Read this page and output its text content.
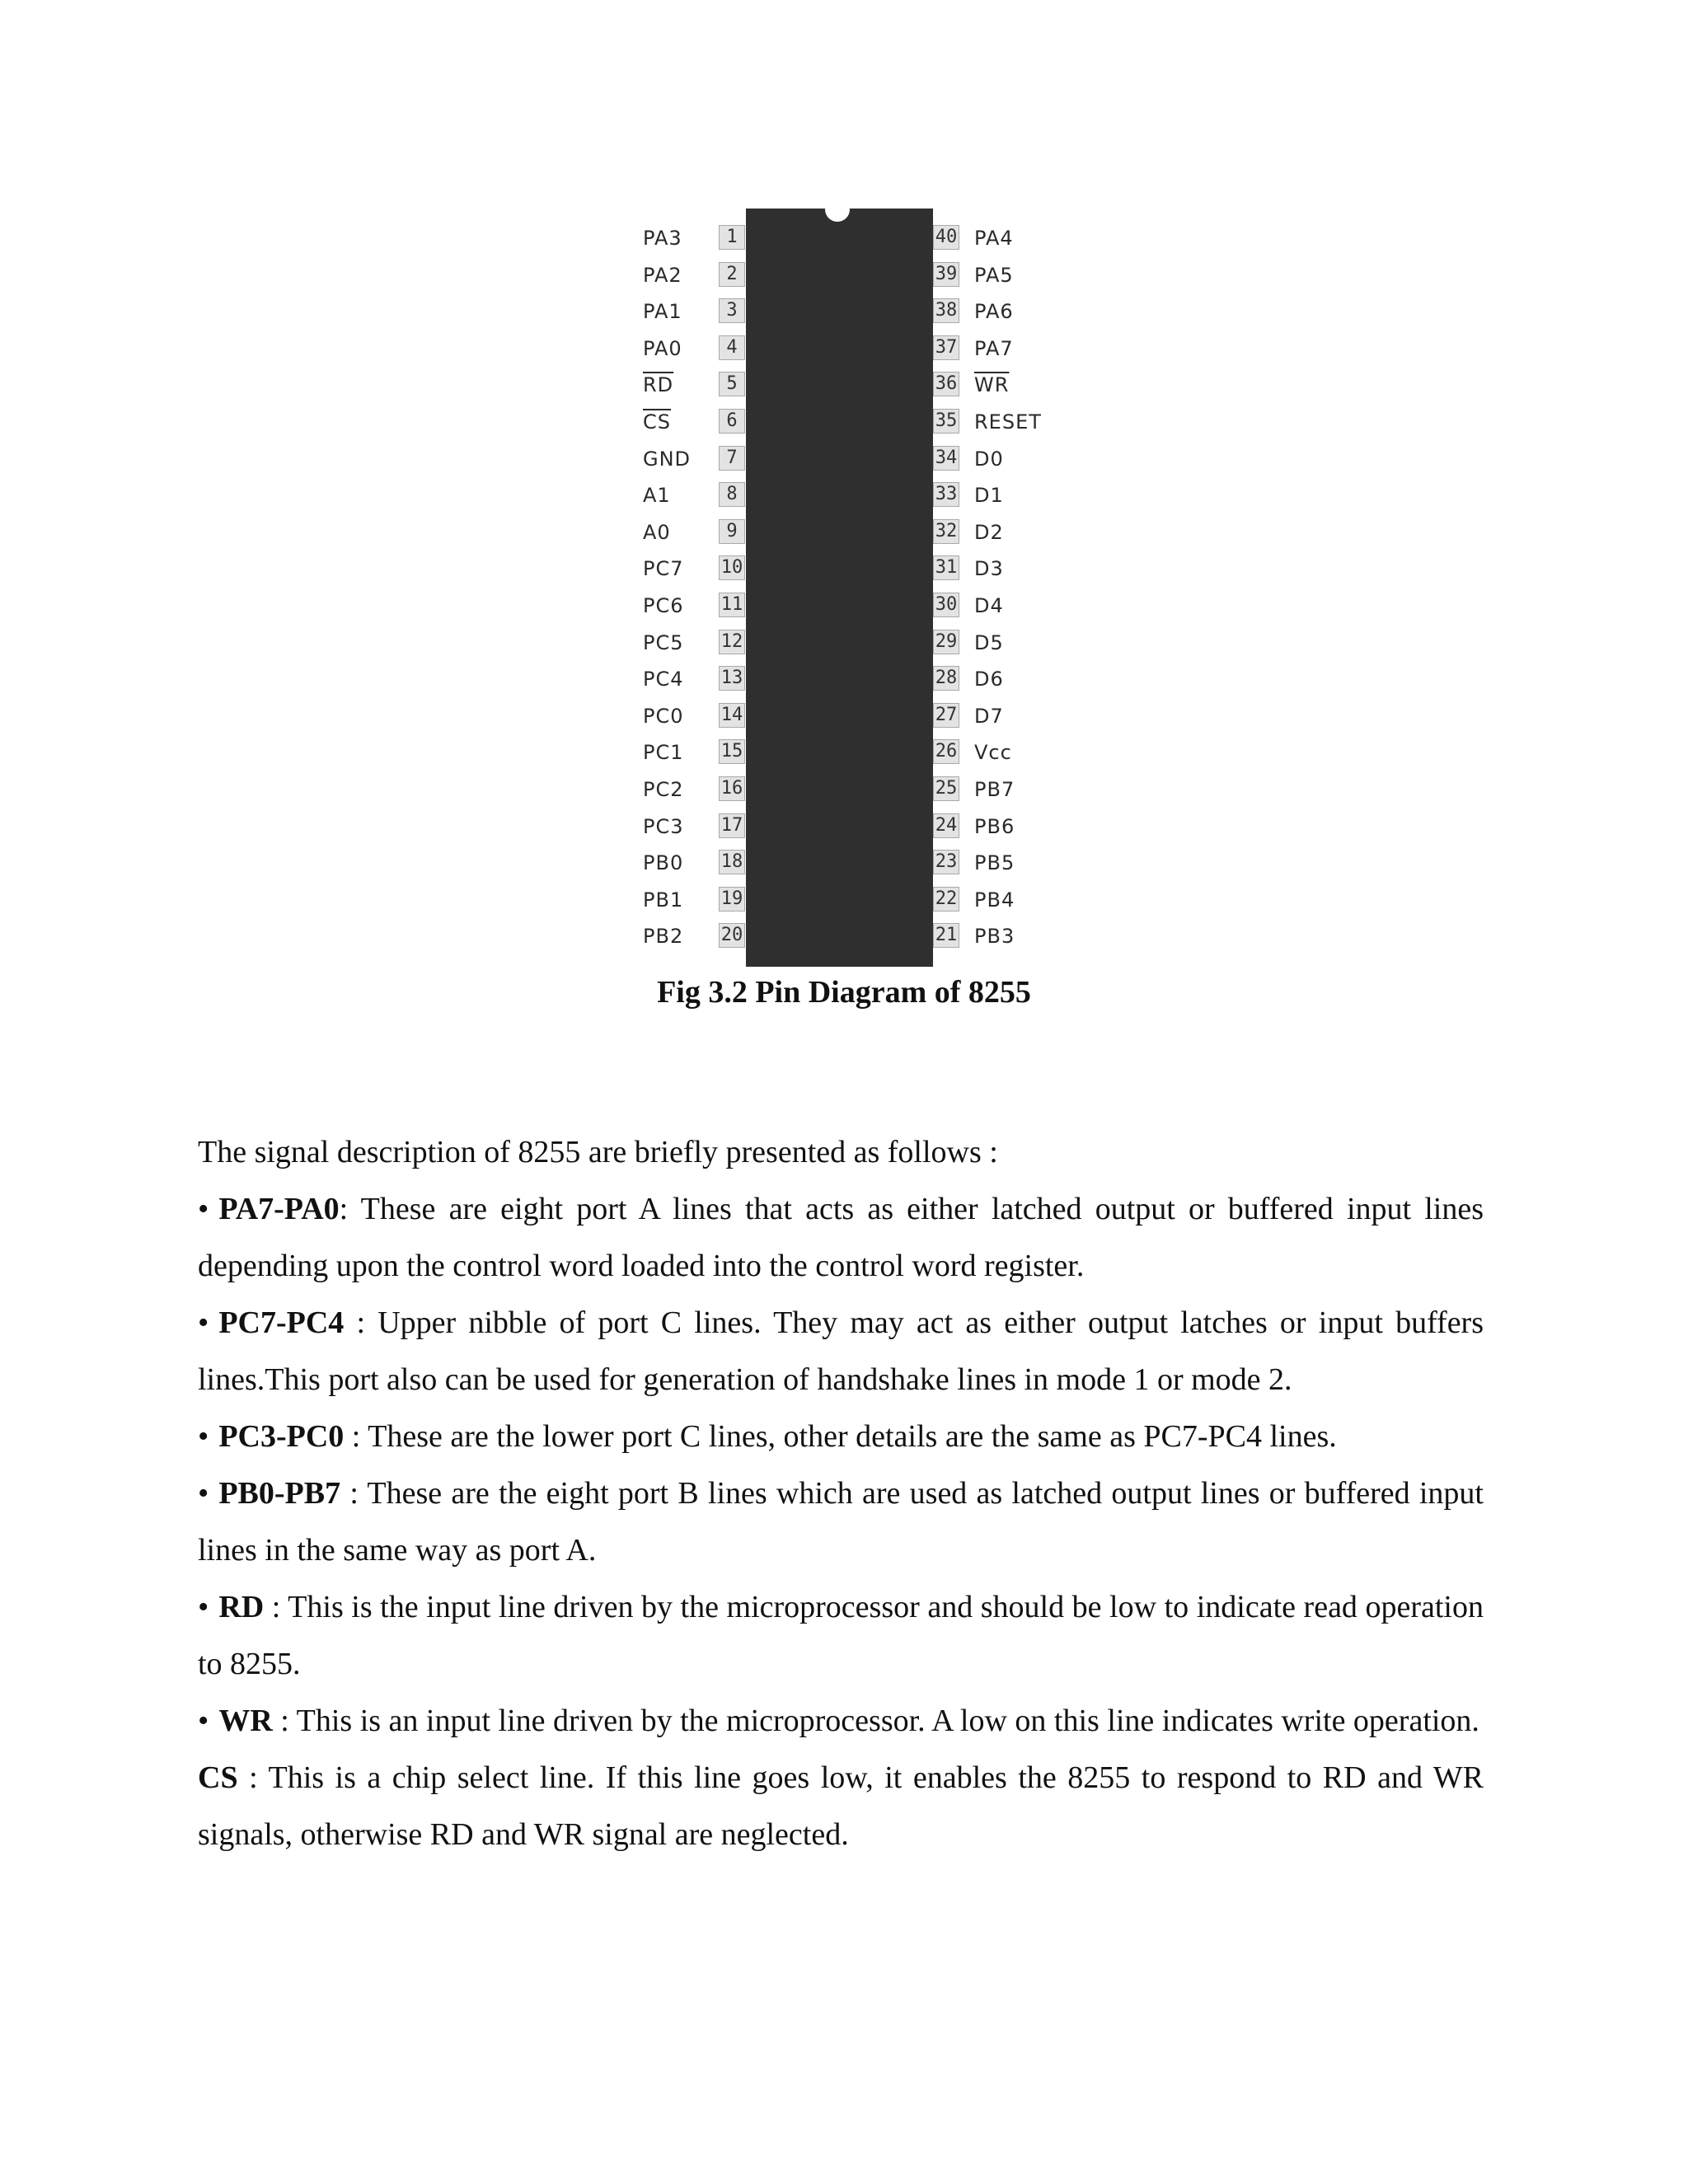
1
PA3
2
PA2
3
PA1
4
PA0
5
$\overline{RD}$
6
$\overline{CS}$
7
GND
8
A1
9
A0
10
PC7
11
PC6
12
PC5
13
PC4
14
PC0
15
PC1
16
PC2
17
PC3
18
PB0
19
PB1
20
PB2
40 PA4
39 PA5
38 PA6
37 PA7
36 $\overline{WR}$
35 RESET
34 D0
33 D1
32 D2
31 D3
30 D4
29 D5
28 D6
27 D7
26 Vcc
25 PB7
24 PB6
23 PB5
22 PB4
21 PB3
Fig 3.2 Pin Diagram of 8255

The signal description of 8255 are briefly presented as follows :

• PA7-PA0: These are eight port A lines that acts as either latched output or buffered input lines depending upon the control word loaded into the control word register.

• PC7-PC4 : Upper nibble of port C lines. They may act as either output latches or input buffers lines.This port also can be used for generation of handshake lines in mode 1 or mode 2.

• PC3-PC0 : These are the lower port C lines, other details are the same as PC7-PC4 lines.

• PB0-PB7 : These are the eight port B lines which are used as latched output lines or buffered input lines in the same way as port A.

• RD : This is the input line driven by the microprocessor and should be low to indicate read operation to 8255.

• WR : This is an input line driven by the microprocessor. A low on this line indicates write operation.

CS : This is a chip select line. If this line goes low, it enables the 8255 to respond to RD and WR signals, otherwise RD and WR signal are neglected.
